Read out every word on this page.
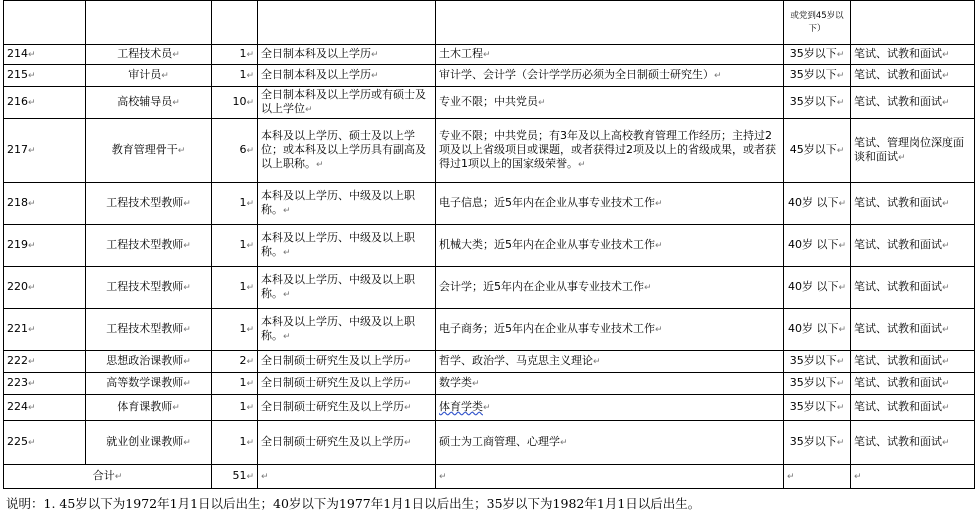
					或党到45岁以下）	
214↵	工程技术员↵	1↵	全日制本科及以上学历↵	土木工程↵	35岁以下↵	笔试、试教和面试↵
215↵	审计员↵	1↵	全日制本科及以上学历↵	审计学、会计学（会计学学历必须为全日制硕士研究生）↵	35岁以下↵	笔试、试教和面试↵
216↵	高校辅导员↵	10↵	全日制本科及以上学历或有硕士及以上学位↵	专业不限；中共党员↵	35岁以下↵	笔试、试教和面试↵
217↵	教育管理骨干↵	6↵	本科及以上学历、硕士及以上学位；或本科及以上学历具有副高及以上职称。↵	专业不限；中共党员；有3年及以上高校教育管理工作经历；主持过2项及以上省级项目或课题，或者获得过2项及以上的省级成果，或者获得过1项以上的国家级荣誉。↵	45岁以下↵	笔试、管理岗位深度面谈和面试↵
218↵	工程技术型教师↵	1↵	本科及以上学历、中级及以上职称。↵	电子信息；近5年内在企业从事专业技术工作↵	40岁 以下↵	笔试、试教和面试↵
219↵	工程技术型教师↵	1↵	本科及以上学历、中级及以上职称。↵	机械大类；近5年内在企业从事专业技术工作↵	40岁 以下↵	笔试、试教和面试↵
220↵	工程技术型教师↵	1↵	本科及以上学历、中级及以上职称。↵	会计学；近5年内在企业从事专业技术工作↵	40岁 以下↵	笔试、试教和面试↵
221↵	工程技术型教师↵	1↵	本科及以上学历、中级及以上职称。↵	电子商务；近5年内在企业从事专业技术工作↵	40岁 以下↵	笔试、试教和面试↵
222↵	思想政治课教师↵	2↵	全日制硕士研究生及以上学历↵	哲学、政治学、马克思主义理论↵	35岁以下↵	笔试、试教和面试↵
223↵	高等数学课教师↵	1↵	全日制硕士研究生及以上学历↵	数学类↵	35岁以下↵	笔试、试教和面试↵
224↵	体育课教师↵	1↵	全日制硕士研究生及以上学历↵	体育学类↵	35岁以下↵	笔试、试教和面试↵
225↵	就业创业课教师↵	1↵	全日制硕士研究生及以上学历↵	硕士为工商管理、心理学↵	35岁以下↵	笔试、试教和面试↵
合计↵		51↵	↵	↵	↵	↵
说明：1. 45岁以下为1972年1月1日以后出生；40岁以下为1977年1月1日以后出生；35岁以下为1982年1月1日以后出生。
